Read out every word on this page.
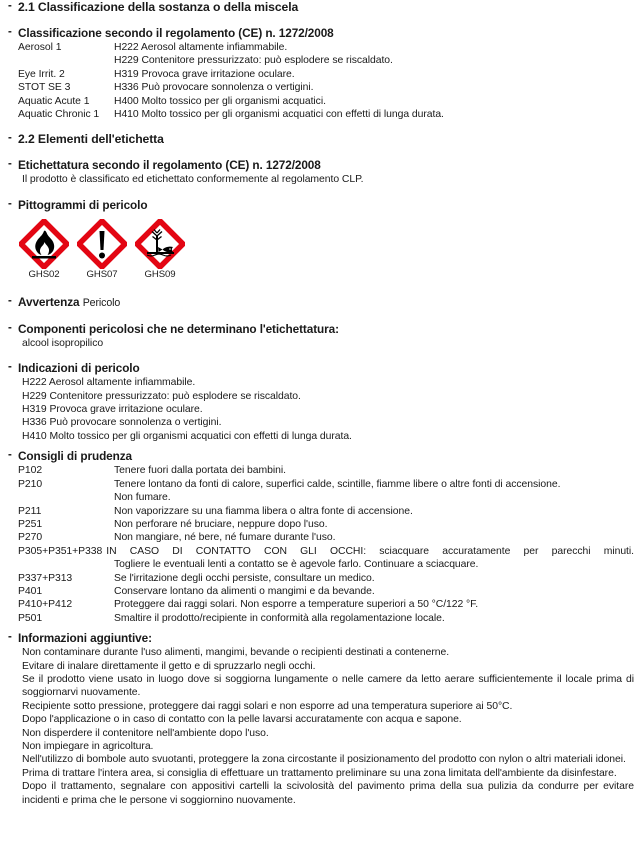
- 2.1 Classificazione della sostanza o della miscela
- Classificazione secondo il regolamento (CE) n. 1272/2008
Aerosol 1	H222 Aerosol altamente infiammabile.
H229 Contenitore pressurizzato: può esplodere se riscaldato.
Eye Irrit. 2	H319 Provoca grave irritazione oculare.
STOT SE 3	H336 Può provocare sonnolenza o vertigini.
Aquatic Acute 1	H400 Molto tossico per gli organismi acquatici.
Aquatic Chronic 1	H410 Molto tossico per gli organismi acquatici con effetti di lunga durata.
- 2.2 Elementi dell'etichetta
- Etichettatura secondo il regolamento (CE) n. 1272/2008
Il prodotto è classificato ed etichettato conformemente al regolamento CLP.
- Pittogrammi di pericolo
GHS02	GHS07	GHS09
- Avvertenza Pericolo
- Componenti pericolosi che ne determinano l'etichettatura:
alcool isopropilico
- Indicazioni di pericolo
H222 Aerosol altamente infiammabile.
H229 Contenitore pressurizzato: può esplodere se riscaldato.
H319 Provoca grave irritazione oculare.
H336 Può provocare sonnolenza o vertigini.
H410 Molto tossico per gli organismi acquatici con effetti di lunga durata.
- Consigli di prudenza
P102	Tenere fuori dalla portata dei bambini.
P210	Tenere lontano da fonti di calore, superfici calde, scintille, fiamme libere o altre fonti di accensione.
Non fumare.
P211	Non vaporizzare su una fiamma libera o altra fonte di accensione.
P251	Non perforare né bruciare, neppure dopo l'uso.
P270	Non mangiare, né bere, né fumare durante l'uso.
P305+P351+P338 IN CASO DI CONTATTO CON GLI OCCHI: sciacquare accuratamente per parecchi minuti.
Togliere le eventuali lenti a contatto se è agevole farlo. Continuare a sciacquare.
P337+P313	Se l'irritazione degli occhi persiste, consultare un medico.
P401	Conservare lontano da alimenti o mangimi e da bevande.
P410+P412	Proteggere dai raggi solari. Non esporre a temperature superiori a 50 °C/122 °F.
P501	Smaltire il prodotto/recipiente in conformità alla regolamentazione locale.
- Informazioni aggiuntive:
Non contaminare durante l'uso alimenti, mangimi, bevande o recipienti destinati a contenerne.
Evitare di inalare direttamente il getto e di spruzzarlo negli occhi.
Se il prodotto viene usato in luogo dove si soggiorna lungamente o nelle camere da letto aerare sufficientemente il locale prima di soggiornarvi nuovamente.
Recipiente sotto pressione, proteggere dai raggi solari e non esporre ad una temperatura superiore ai 50°C.
Dopo l'applicazione o in caso di contatto con la pelle lavarsi accuratamente con acqua e sapone.
Non disperdere il contenitore nell'ambiente dopo l'uso.
Non impiegare in agricoltura.
Nell'utilizzo di bombole auto svuotanti, proteggere la zona circostante il posizionamento del prodotto con nylon o altri materiali idonei.
Prima di trattare l'intera area, si consiglia di effettuare un trattamento preliminare su una zona limitata dell'ambiente da disinfestare.
Dopo il trattamento, segnalare con appositivi cartelli la scivolosità del pavimento prima della sua pulizia da condurre per evitare incidenti e prima che le persone vi soggiornino nuovamente.
